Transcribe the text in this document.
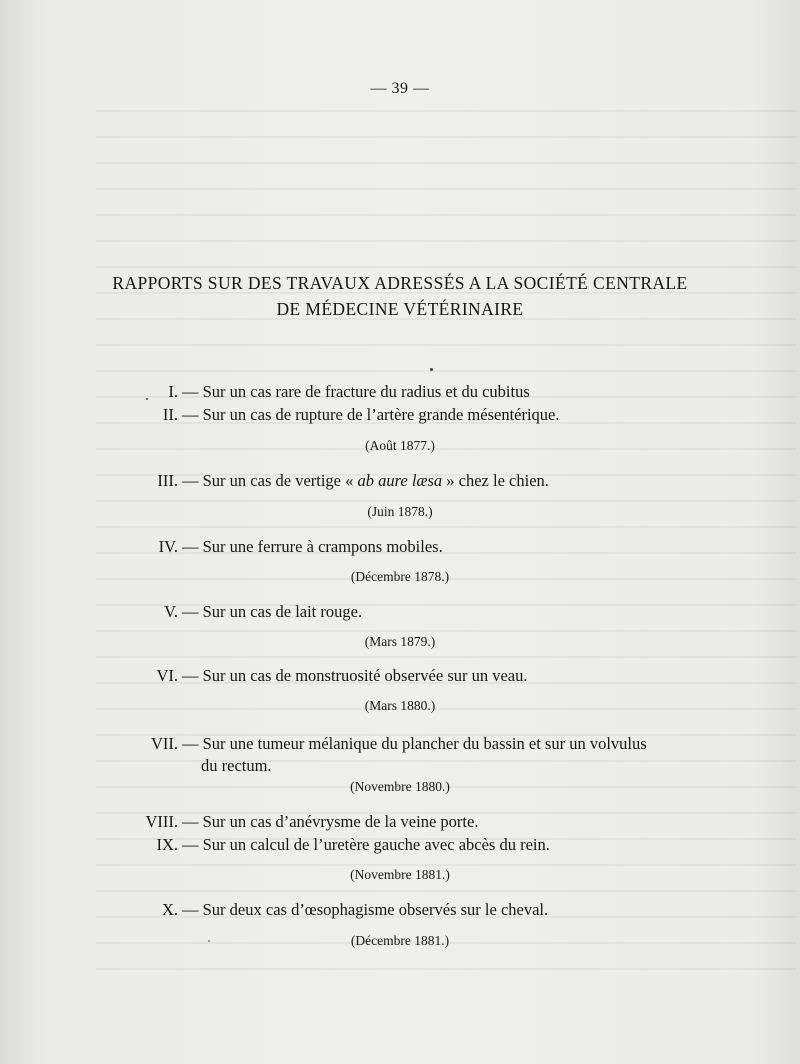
— 39 —
RAPPORTS SUR DES TRAVAUX ADRESSÉS A LA SOCIÉTÉ CENTRALE
DE MÉDECINE VÉTÉRINAIRE
I. — Sur un cas rare de fracture du radius et du cubitus
II. — Sur un cas de rupture de l’artère grande mésentérique.
(Août 1877.)
III. — Sur un cas de vertige « ab aure læsa » chez le chien.
(Juin 1878.)
IV. — Sur une ferrure à crampons mobiles.
(Décembre 1878.)
V. — Sur un cas de lait rouge.
(Mars 1879.)
VI. — Sur un cas de monstruosité observée sur un veau.
(Mars 1880.)
VII. — Sur une tumeur mélanique du plancher du bassin et sur un volvulus
du rectum.
(Novembre 1880.)
VIII. — Sur un cas d’anévrysme de la veine porte.
IX. — Sur un calcul de l’uretère gauche avec abcès du rein.
(Novembre 1881.)
X. — Sur deux cas d’œsophagisme observés sur le cheval.
(Décembre 1881.)
